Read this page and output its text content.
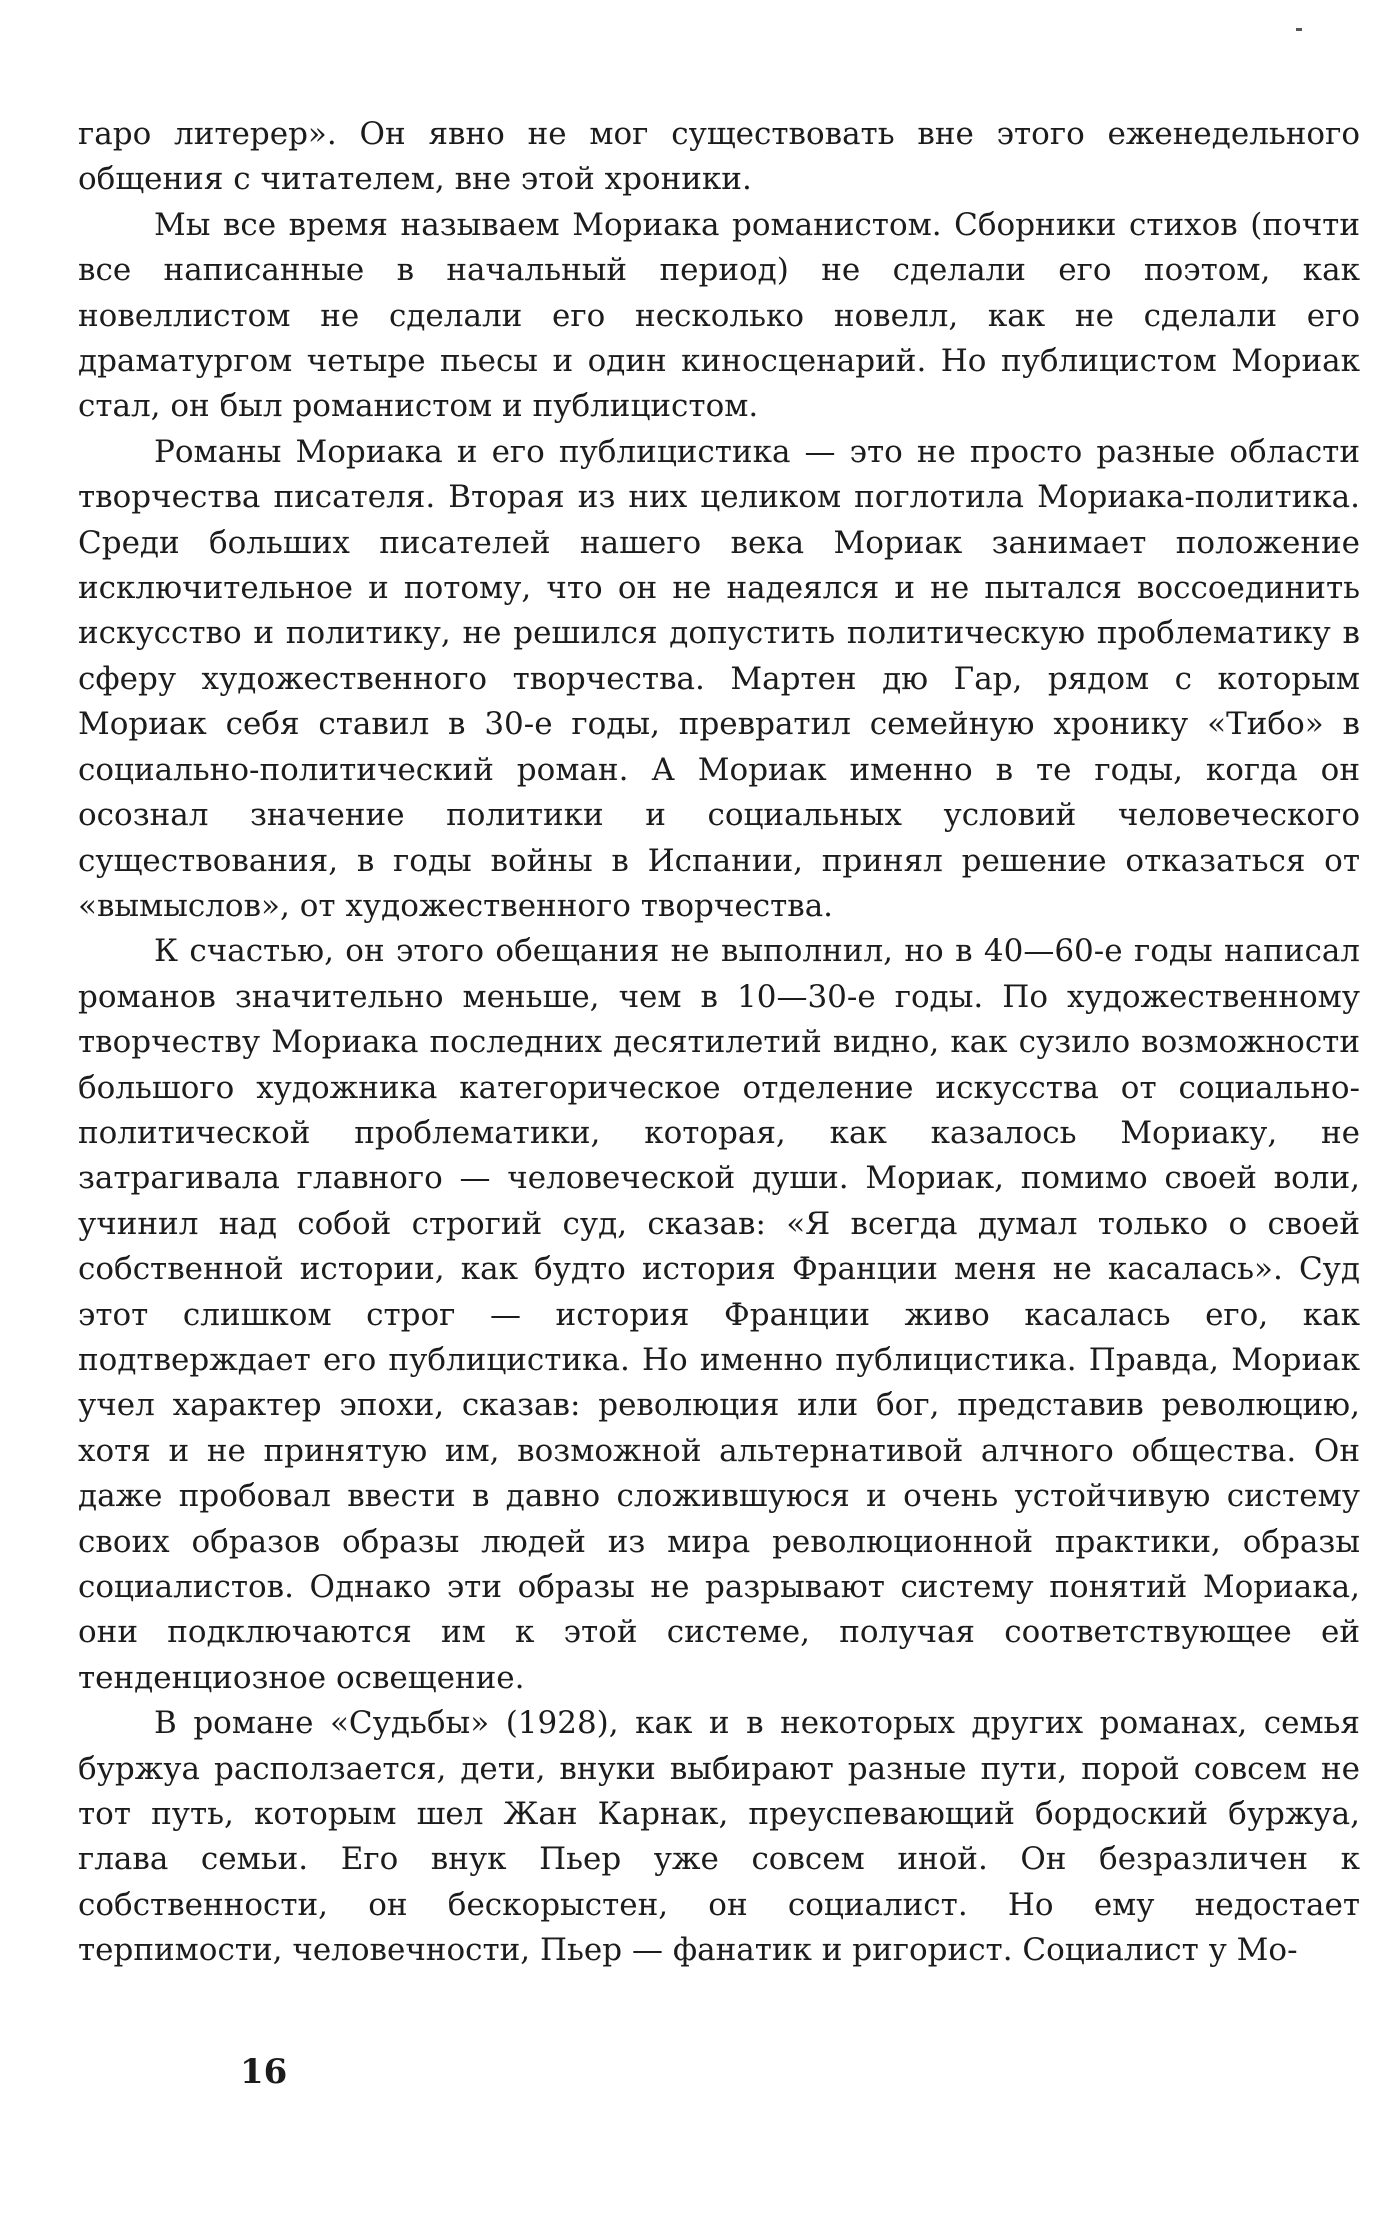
гаро литерер». Он явно не мог существовать вне этого еженедельного общения с читателем, вне этой хроники.

Мы все время называем Мориака романистом. Сборники стихов (почти все написанные в начальный период) не сделали его поэтом, как новеллистом не сделали его несколько новелл, как не сделали его драматургом четыре пьесы и один киносценарий. Но публицистом Мориак стал, он был романистом и публицистом.

Романы Мориака и его публицистика — это не просто разные области творчества писателя. Вторая из них целиком поглотила Мориака-политика. Среди больших писателей нашего века Мориак занимает положение исключительное и потому, что он не надеялся и не пытался воссоединить искусство и политику, не решился допустить политическую проблематику в сферу художественного творчества. Мартен дю Гар, рядом с которым Мориак себя ставил в 30-е годы, превратил семейную хронику «Тибо» в социально-политический роман. А Мориак именно в те годы, когда он осознал значение политики и социальных условий человеческого существования, в годы войны в Испании, принял решение отказаться от «вымыслов», от художественного творчества.

К счастью, он этого обещания не выполнил, но в 40—60-е годы написал романов значительно меньше, чем в 10—30-е годы. По художественному творчеству Мориака последних десятилетий видно, как сузило возможности большого художника категорическое отделение искусства от социально-политической проблематики, которая, как казалось Мориаку, не затрагивала главного — человеческой души. Мориак, помимо своей воли, учинил над собой строгий суд, сказав: «Я всегда думал только о своей собственной истории, как будто история Франции меня не касалась». Суд этот слишком строг — история Франции живо касалась его, как подтверждает его публицистика. Но именно публицистика. Правда, Мориак учел характер эпохи, сказав: революция или бог, представив революцию, хотя и не принятую им, возможной альтернативой алчного общества. Он даже пробовал ввести в давно сложившуюся и очень устойчивую систему своих образов образы людей из мира революционной практики, образы социалистов. Однако эти образы не разрывают систему понятий Мориака, они подключаются им к этой системе, получая соответствующее ей тенденциозное освещение.

В романе «Судьбы» (1928), как и в некоторых других романах, семья буржуа расползается, дети, внуки выбирают разные пути, порой совсем не тот путь, которым шел Жан Карнак, преуспевающий бордоский буржуа, глава семьи. Его внук Пьер уже совсем иной. Он безразличен к собственности, он бескорыстен, он социалист. Но ему недостает терпимости, человечности, Пьер — фанатик и ригорист. Социалист у Мо-

16
